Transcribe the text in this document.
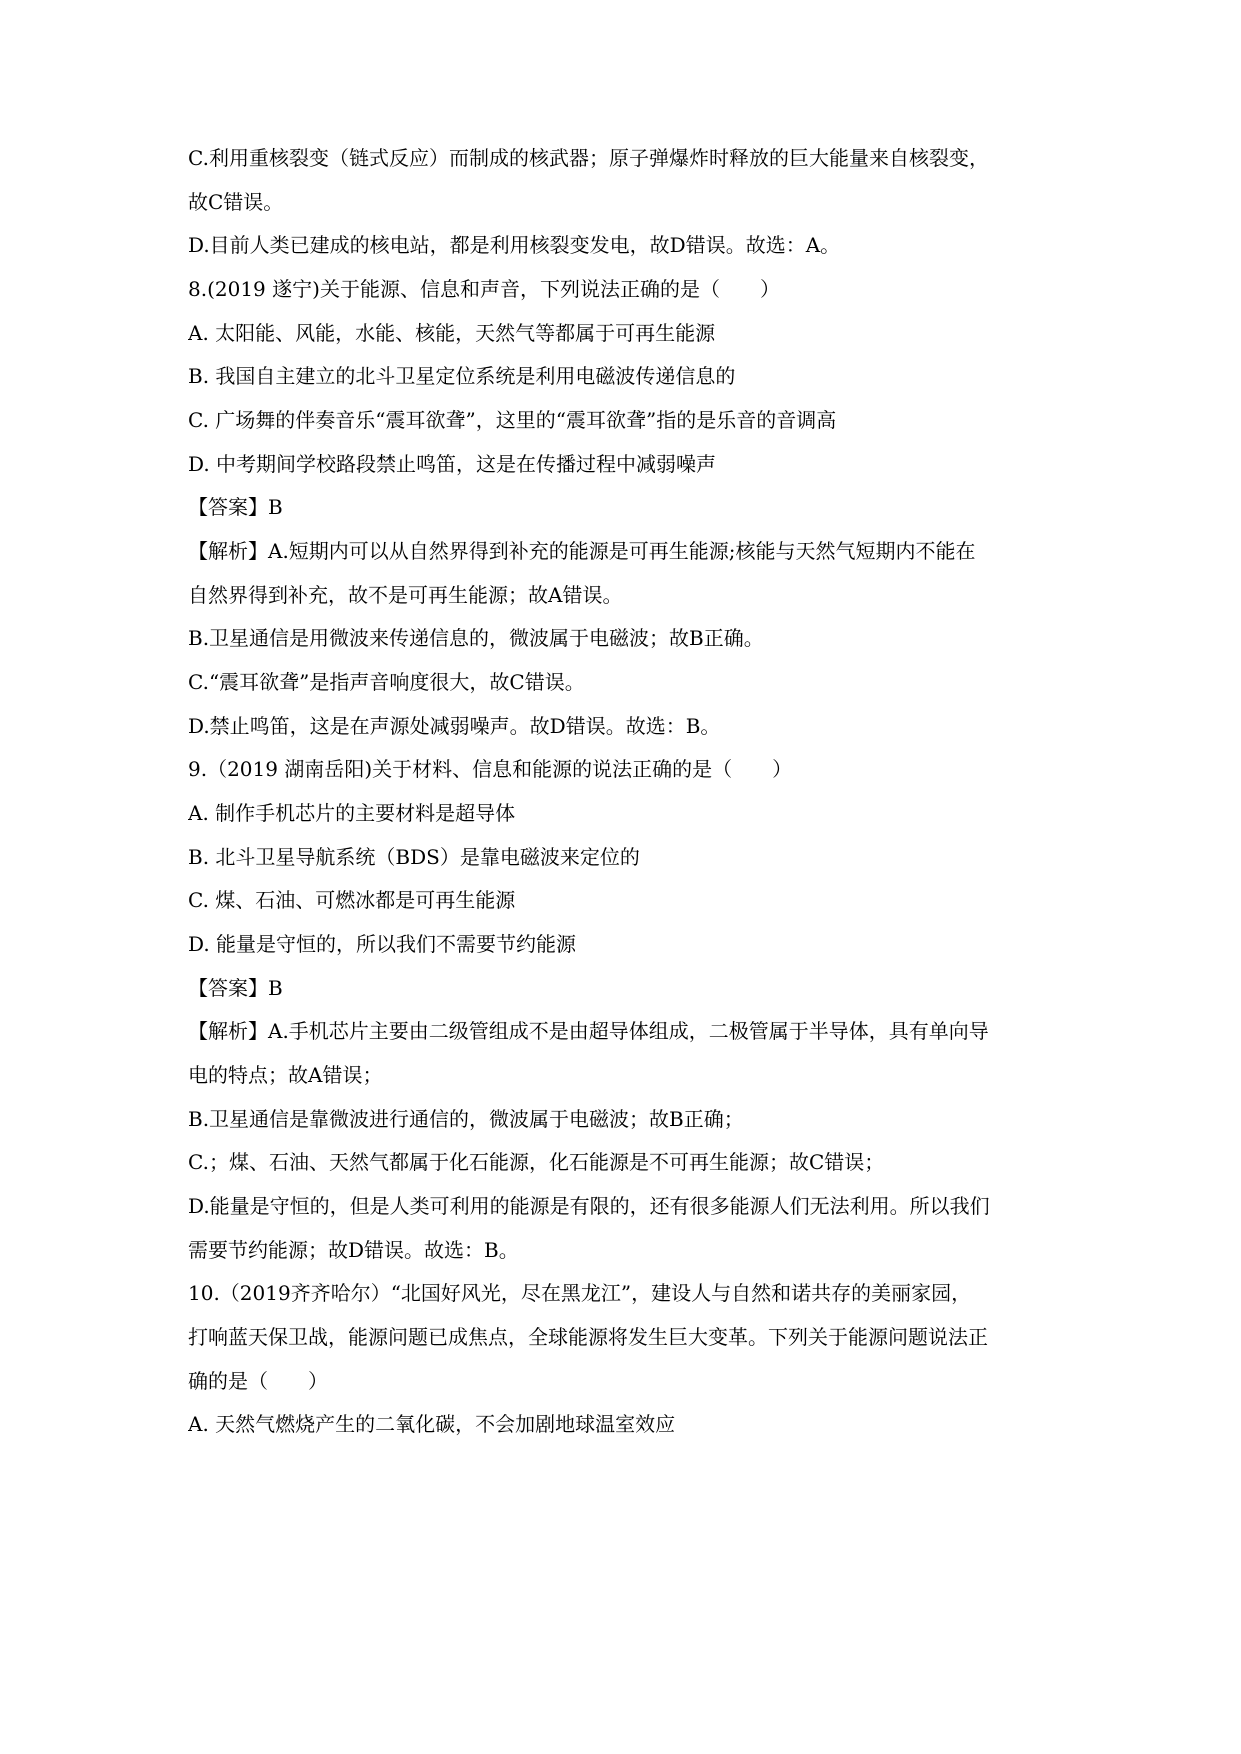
C.利用重核裂变（链式反应）而制成的核武器；原子弹爆炸时释放的巨大能量来自核裂变，
故C错误。
D.目前人类已建成的核电站，都是利用核裂变发电，故D错误。故选：A。
8.(2019 遂宁)关于能源、信息和声音，下列说法正确的是（　　）
A. 太阳能、风能，水能、核能，天然气等都属于可再生能源
B. 我国自主建立的北斗卫星定位系统是利用电磁波传递信息的
C. 广场舞的伴奏音乐“震耳欲聋”，这里的“震耳欲聋”指的是乐音的音调高
D. 中考期间学校路段禁止鸣笛，这是在传播过程中减弱噪声
【答案】B
【解析】A.短期内可以从自然界得到补充的能源是可再生能源;核能与天然气短期内不能在
自然界得到补充，故不是可再生能源；故A错误。
B.卫星通信是用微波来传递信息的，微波属于电磁波；故B正确。
C.“震耳欲聋”是指声音响度很大，故C错误。
D.禁止鸣笛，这是在声源处减弱噪声。故D错误。故选：B。
9.（2019 湖南岳阳)关于材料、信息和能源的说法正确的是（　　）
A. 制作手机芯片的主要材料是超导体
B. 北斗卫星导航系统（BDS）是靠电磁波来定位的
C. 煤、石油、可燃冰都是可再生能源
D. 能量是守恒的，所以我们不需要节约能源
【答案】B
【解析】A.手机芯片主要由二级管组成不是由超导体组成，二极管属于半导体，具有单向导
电的特点；故A错误；
B.卫星通信是靠微波进行通信的，微波属于电磁波；故B正确；
C.；煤、石油、天然气都属于化石能源，化石能源是不可再生能源；故C错误；
D.能量是守恒的，但是人类可利用的能源是有限的，还有很多能源人们无法利用。所以我们
需要节约能源；故D错误。故选：B。
10.（2019齐齐哈尔）“北国好风光，尽在黑龙江”，建设人与自然和诺共存的美丽家园，
打响蓝天保卫战，能源问题已成焦点，全球能源将发生巨大变革。下列关于能源问题说法正
确的是（　　）
A. 天然气燃烧产生的二氧化碳，不会加剧地球温室效应
